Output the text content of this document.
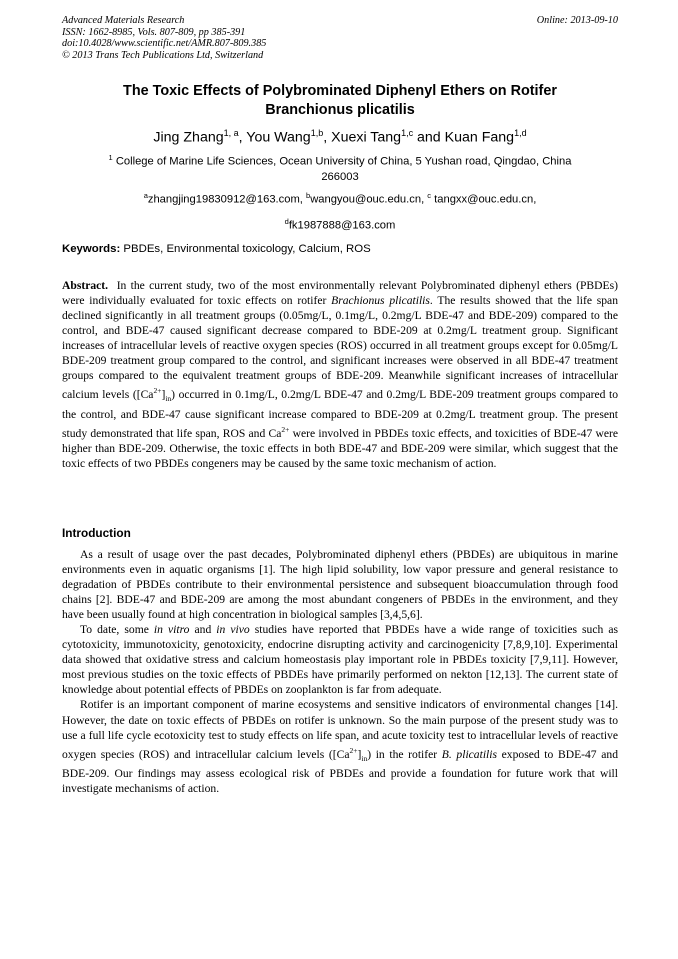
Advanced Materials Research
ISSN: 1662-8985, Vols. 807-809, pp 385-391
doi:10.4028/www.scientific.net/AMR.807-809.385
© 2013 Trans Tech Publications Ltd, Switzerland
Online: 2013-09-10
The Toxic Effects of Polybrominated Diphenyl Ethers on Rotifer
Branchionus plicatilis
Jing Zhang$^{1, a}$, You Wang$^{1,b}$, Xuexi Tang$^{1,c}$ and Kuan Fang$^{1,d}$
$^1$ College of Marine Life Sciences, Ocean University of China, 5 Yushan road, Qingdao, China
266003
$^a$zhangjing19830912@163.com, $^b$wangyou@ouc.edu.cn, $^c$ tangxx@ouc.edu.cn,
$^d$fk1987888@163.com
Keywords: PBDEs, Environmental toxicology, Calcium, ROS
Abstract. In the current study, two of the most environmentally relevant Polybrominated diphenyl ethers (PBDEs) were individually evaluated for toxic effects on rotifer Brachionus plicatilis. The results showed that the life span declined significantly in all treatment groups (0.05mg/L, 0.1mg/L, 0.2mg/L BDE-47 and BDE-209) compared to the control, and BDE-47 caused significant decrease compared to BDE-209 at 0.2mg/L treatment group. Significant increases of intracellular levels of reactive oxygen species (ROS) occurred in all treatment groups except for 0.05mg/L BDE-209 treatment group compared to the control, and significant increases were observed in all BDE-47 treatment groups compared to the equivalent treatment groups of BDE-209. Meanwhile significant increases of intracellular calcium levels $([Ca^{2+}]_{in})$ occurred in 0.1mg/L, 0.2mg/L BDE-47 and 0.2mg/L BDE-209 treatment groups compared to the control, and BDE-47 cause significant increase compared to BDE-209 at 0.2mg/L treatment group. The present study demonstrated that life span, ROS and $Ca^{2+}$ were involved in PBDEs toxic effects, and toxicities of BDE-47 were higher than BDE-209. Otherwise, the toxic effects in both BDE-47 and BDE-209 were similar, which suggest that the toxic effects of two PBDEs congeners may be caused by the same toxic mechanism of action.
Introduction

As a result of usage over the past decades, Polybrominated diphenyl ethers (PBDEs) are ubiquitous in marine environments even in aquatic organisms [1]. The high lipid solubility, low vapor pressure and general resistance to degradation of PBDEs contribute to their environmental persistence and subsequent bioaccumulation through food chains [2]. BDE-47 and BDE-209 are among the most abundant congeners of PBDEs in the environment, and they have been usually found at high concentration in biological samples [3,4,5,6].

To date, some in vitro and in vivo studies have reported that PBDEs have a wide range of toxicities such as cytotoxicity, immunotoxicity, genotoxicity, endocrine disrupting activity and carcinogenicity [7,8,9,10]. Experimental data showed that oxidative stress and calcium homeostasis play important role in PBDEs toxicity [7,9,11]. However, most previous studies on the toxic effects of PBDEs have primarily performed on nekton [12,13]. The current state of knowledge about potential effects of PBDEs on zooplankton is far from adequate.

Rotifer is an important component of marine ecosystems and sensitive indicators of environmental changes [14]. However, the date on toxic effects of PBDEs on rotifer is unknown. So the main purpose of the present study was to use a full life cycle ecotoxicity test to study effects on life span, and acute toxicity test to intracellular levels of reactive oxygen species (ROS) and intracellular calcium levels $([Ca^{2+}]_{in})$ in the rotifer B. plicatilis exposed to BDE-47 and BDE-209. Our findings may assess ecological risk of PBDEs and provide a foundation for future work that will investigate mechanisms of action.
